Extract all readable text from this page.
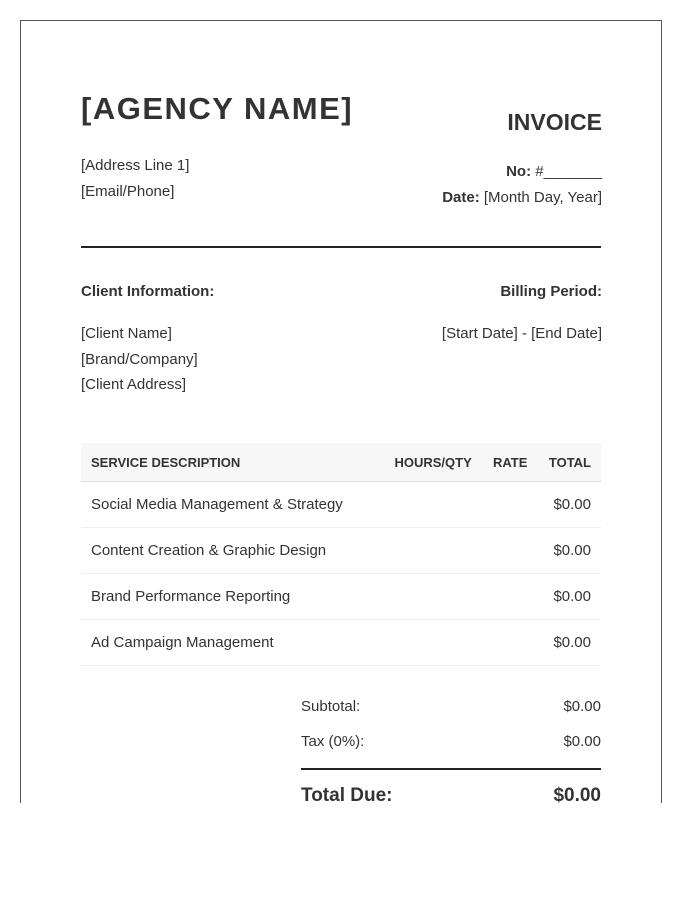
[AGENCY NAME]	INVOICE
[Address Line 1]
[Email/Phone]
No: #_______
Date: [Month Day, Year]
Client Information:	Billing Period:
[Client Name]
[Brand/Company]
[Client Address]
[Start Date] - [End Date]
SERVICE DESCRIPTION	HOURS/QTY	RATE	TOTAL
Social Media Management & Strategy			$0.00
Content Creation & Graphic Design			$0.00
Brand Performance Reporting			$0.00
Ad Campaign Management			$0.00
Subtotal:	$0.00
Tax (0%):	$0.00
Total Due:	$0.00
